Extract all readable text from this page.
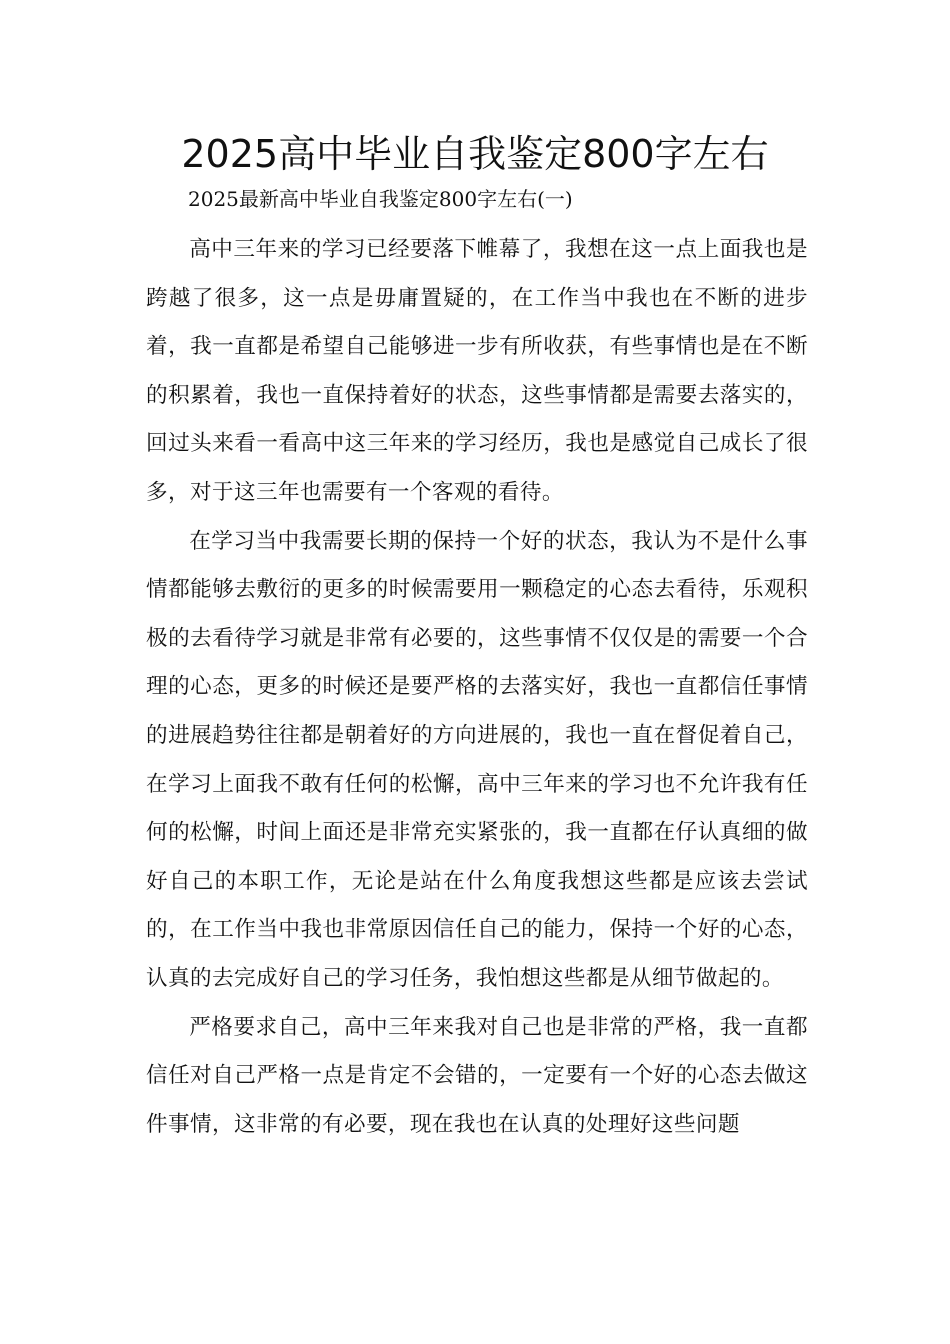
2025高中毕业自我鉴定800字左右

2025最新高中毕业自我鉴定800字左右(一)

高中三年来的学习已经要落下帷幕了，我想在这一点上面我也是跨越了很多，这一点是毋庸置疑的，在工作当中我也在不断的进步着，我一直都是希望自己能够进一步有所收获，有些事情也是在不断的积累着，我也一直保持着好的状态，这些事情都是需要去落实的，回过头来看一看高中这三年来的学习经历，我也是感觉自己成长了很多，对于这三年也需要有一个客观的看待。

在学习当中我需要长期的保持一个好的状态，我认为不是什么事情都能够去敷衍的更多的时候需要用一颗稳定的心态去看待，乐观积极的去看待学习就是非常有必要的，这些事情不仅仅是的需要一个合理的心态，更多的时候还是要严格的去落实好，我也一直都信任事情的进展趋势往往都是朝着好的方向进展的，我也一直在督促着自己，在学习上面我不敢有任何的松懈，高中三年来的学习也不允许我有任何的松懈，时间上面还是非常充实紧张的，我一直都在仔认真细的做好自己的本职工作，无论是站在什么角度我想这些都是应该去尝试的，在工作当中我也非常原因信任自己的能力，保持一个好的心态，认真的去完成好自己的学习任务，我怕想这些都是从细节做起的。

严格要求自己，高中三年来我对自己也是非常的严格，我一直都信任对自己严格一点是肯定不会错的，一定要有一个好的心态去做这件事情，这非常的有必要，现在我也在认真的处理好这些问题
